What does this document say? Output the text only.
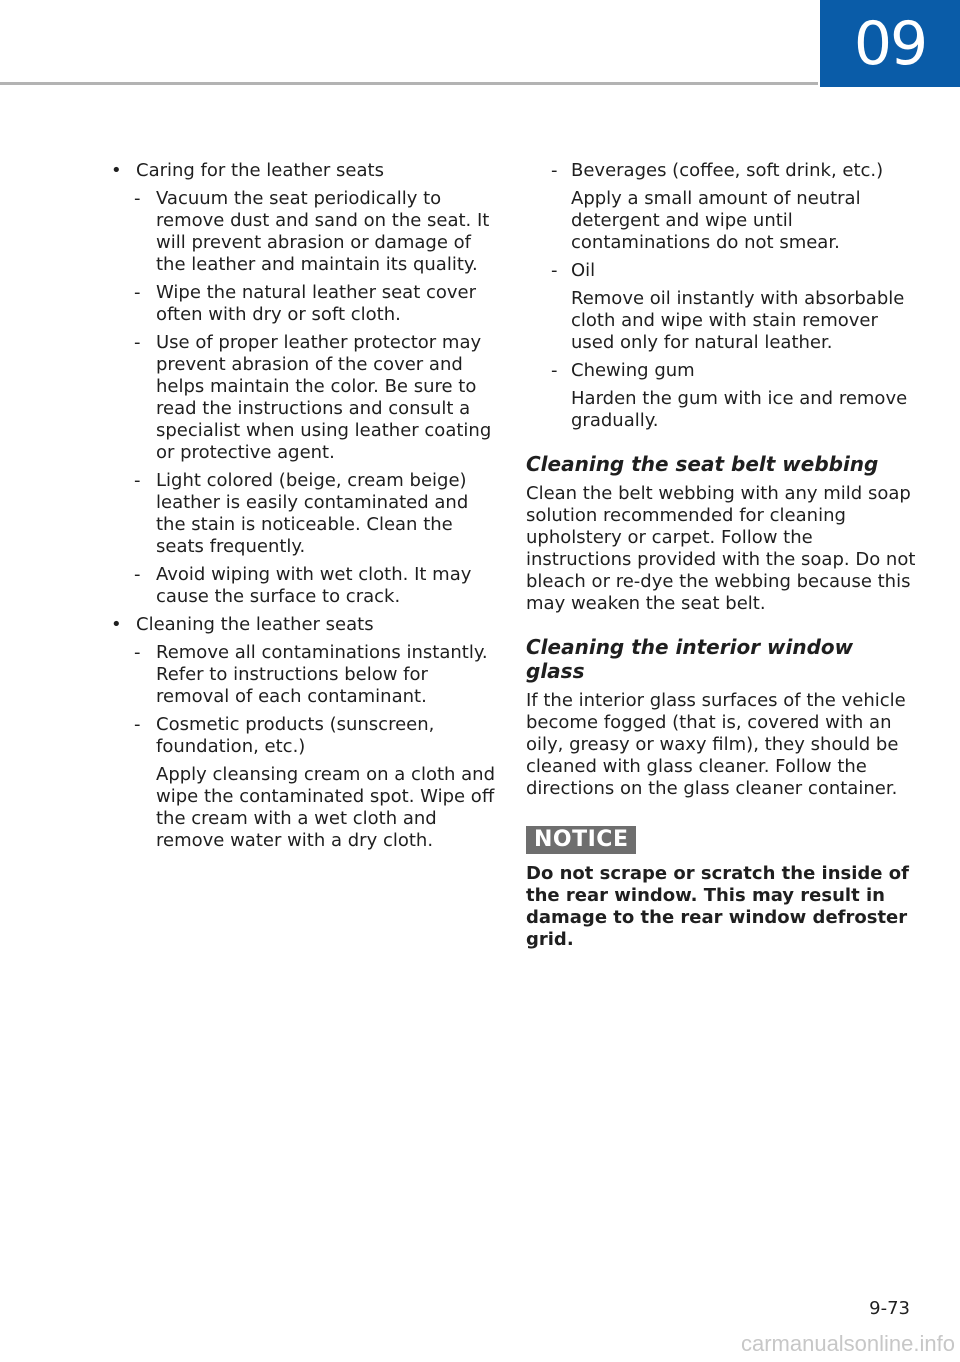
09
• Caring for the leather seats
- Vacuum the seat periodically to remove dust and sand on the seat. It will prevent abrasion or damage of the leather and maintain its quality.
- Wipe the natural leather seat cover often with dry or soft cloth.
- Use of proper leather protector may prevent abrasion of the cover and helps maintain the color. Be sure to read the instructions and consult a specialist when using leather coating or protective agent.
- Light colored (beige, cream beige) leather is easily contaminated and the stain is noticeable. Clean the seats frequently.
- Avoid wiping with wet cloth. It may cause the surface to crack.
• Cleaning the leather seats
- Remove all contaminations instantly. Refer to instructions below for removal of each contaminant.
- Cosmetic products (sunscreen, foundation, etc.)
Apply cleansing cream on a cloth and wipe the contaminated spot. Wipe off the cream with a wet cloth and remove water with a dry cloth.
- Beverages (coffee, soft drink, etc.)
Apply a small amount of neutral detergent and wipe until contaminations do not smear.
- Oil
Remove oil instantly with absorbable cloth and wipe with stain remover used only for natural leather.
- Chewing gum
Harden the gum with ice and remove gradually.
Cleaning the seat belt webbing

Clean the belt webbing with any mild soap solution recommended for cleaning upholstery or carpet. Follow the instructions provided with the soap. Do not bleach or re-dye the webbing because this may weaken the seat belt.

Cleaning the interior window glass

If the interior glass surfaces of the vehicle become fogged (that is, covered with an oily, greasy or waxy film), they should be cleaned with glass cleaner. Follow the directions on the glass cleaner container.

NOTICE
Do not scrape or scratch the inside of the rear window. This may result in damage to the rear window defroster grid.
9-73
carmanualsonline.info
